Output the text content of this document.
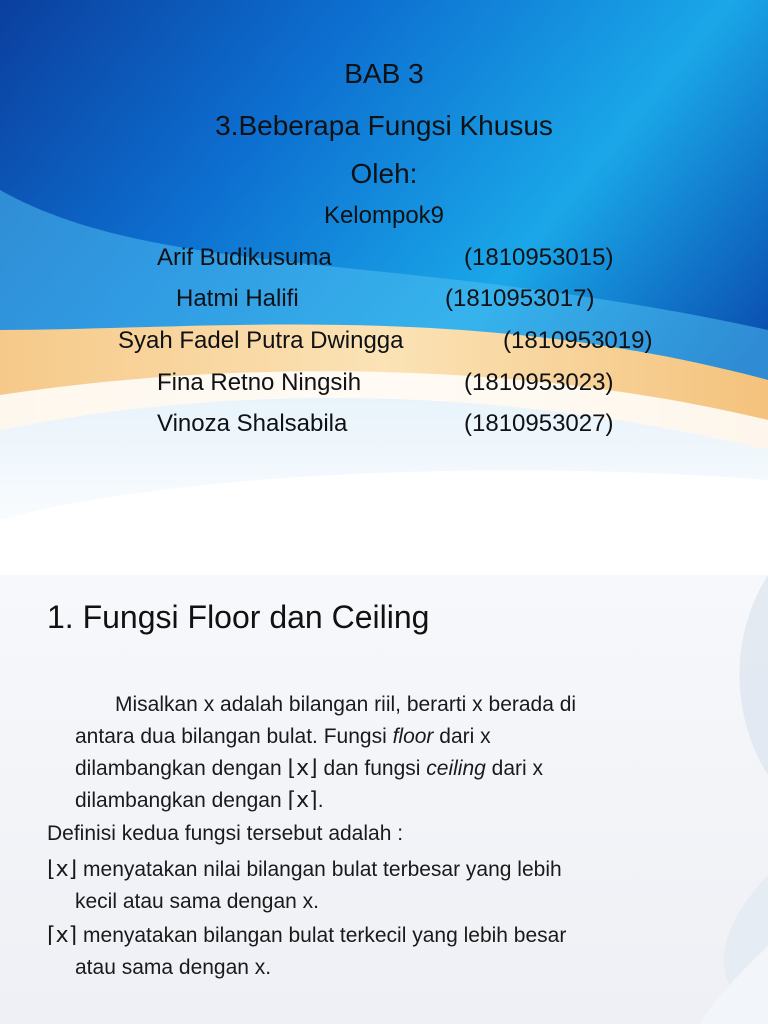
BAB 3
3.Beberapa Fungsi Khusus
Oleh:
Kelompok9
Arif Budikusuma	(1810953015)
Hatmi Halifi	(1810953017)
Syah Fadel Putra Dwingga	(1810953019)
Fina Retno Ningsih	(1810953023)
Vinoza Shalsabila	(1810953027)
1. Fungsi Floor dan Ceiling
Misalkan x adalah bilangan riil, berarti x berada di
antara dua bilangan bulat. Fungsi floor dari x
dilambangkan dengan ⌊x⌋ dan fungsi ceiling dari x
dilambangkan dengan ⌈x⌉.
Definisi kedua fungsi tersebut adalah :
⌊x⌋ menyatakan nilai bilangan bulat terbesar yang lebih
kecil atau sama dengan x.
⌈x⌉ menyatakan bilangan bulat terkecil yang lebih besar
atau sama dengan x.
